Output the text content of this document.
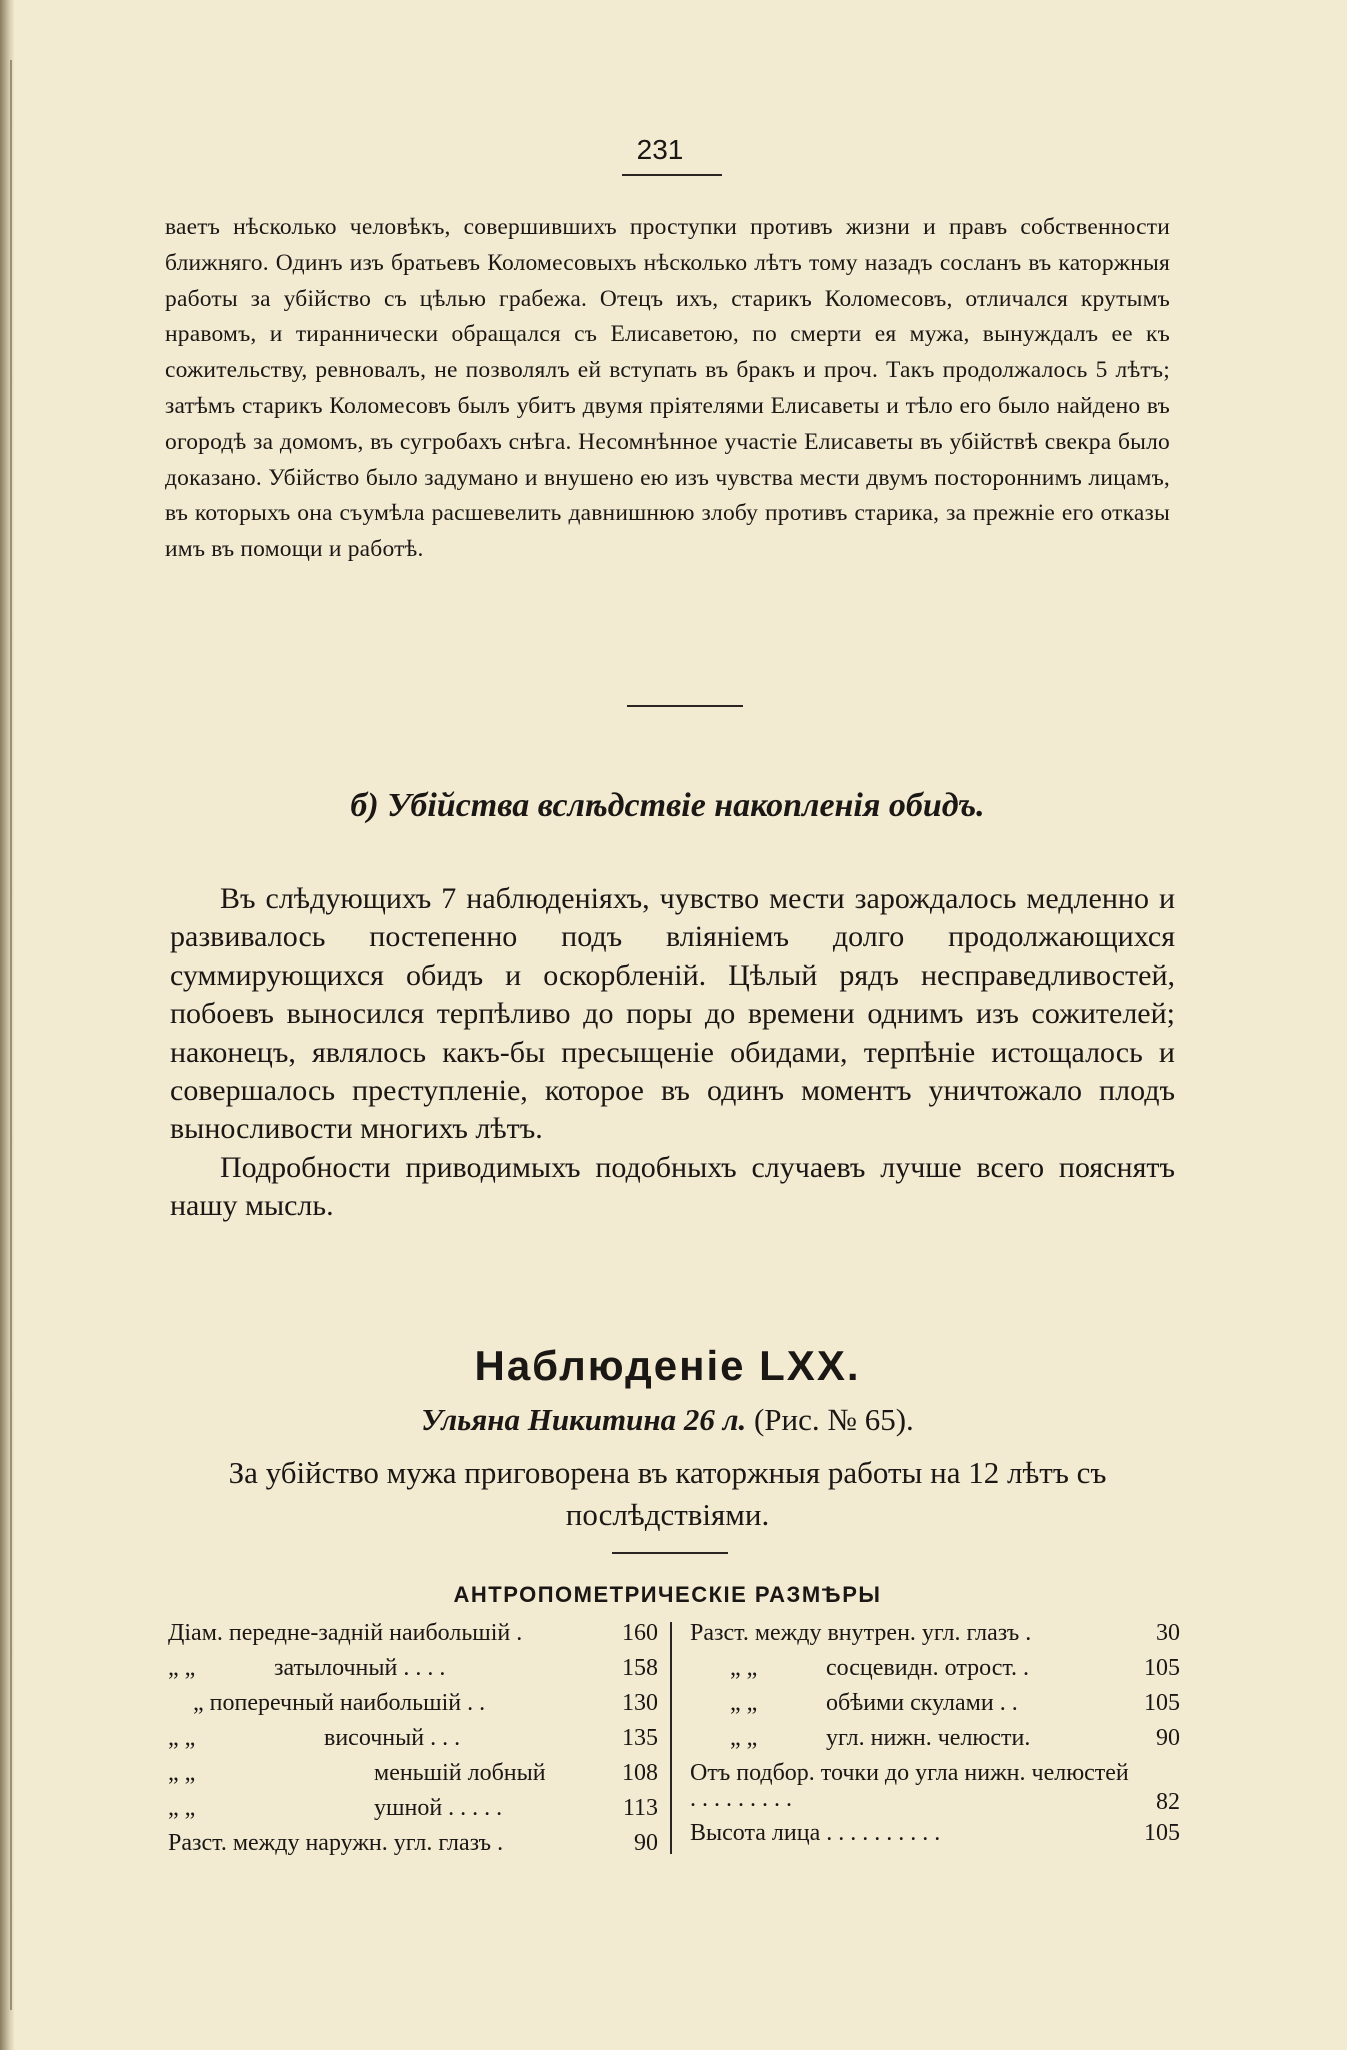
231

ваетъ нѣсколько человѣкъ, совершившихъ проступки противъ жизни и правъ собственности ближняго. Одинъ изъ братьевъ Коломесовыхъ нѣсколько лѣтъ тому назадъ сосланъ въ каторжныя работы за убійство съ цѣлью грабежа. Отецъ ихъ, старикъ Коломесовъ, отличался крутымъ нравомъ, и тираннически обращался съ Елисаветою, по смерти ея мужа, вынуждалъ ее къ сожительству, ревновалъ, не позволялъ ей вступать въ бракъ и проч. Такъ продолжалось 5 лѣтъ; затѣмъ старикъ Коломесовъ былъ убитъ двумя пріятелями Елисаветы и тѣло его было найдено въ огородѣ за домомъ, въ сугробахъ снѣга. Несомнѣнное участіе Елисаветы въ убійствѣ свекра было доказано. Убійство было задумано и внушено ею изъ чувства мести двумъ постороннимъ лицамъ, въ которыхъ она съумѣла расшевелить давнишнюю злобу противъ старика, за прежніе его отказы имъ въ помощи и работѣ.

б) Убійства вслѣдствіе накопленія обидъ.
Въ слѣдующихъ 7 наблюденіяхъ, чувство мести зарождалось медленно и развивалось постепенно подъ вліяніемъ долго продолжающихся суммирующихся обидъ и оскорбленій. Цѣлый рядъ несправедливостей, побоевъ выносился терпѣливо до поры до времени однимъ изъ сожителей; наконецъ, являлось какъ-бы пресыщеніе обидами, терпѣніе истощалось и совершалось преступленіе, которое въ одинъ моментъ уничтожало плодъ выносливости многихъ лѣтъ.
Подробности приводимыхъ подобныхъ случаевъ лучше всего пояснятъ нашу мысль.
Наблюденіе LXX.

Ульяна Никитина 26 л. (Рис. № 65).

За убійство мужа приговорена въ каторжныя работы на 12 лѣтъ съ послѣдствіями.

АНТРОПОМЕТРИЧЕСКІЕ РАЗМѢРЫ
Діам. передне-задній наибольшій .	160
„ „	затылочный . . . .	158
„ поперечный наибольшій . .	130
„ „	височный . . .	135
„ „	меньшій лобный	108
„ „	ушной . . . . .	113
Разст. между наружн. угл. глазъ .	90
Разст. между внутрен. угл. глазъ .	30
„ „	сосцевидн. отрост. .	105
„ „	обѣими скулами . .	105
„ „	угл. нижн. челюсти.	90
Отъ подбор. точки до угла нижн. челюстей . . . . . . . . .	82
Высота лица . . . . . . . . . .	105
